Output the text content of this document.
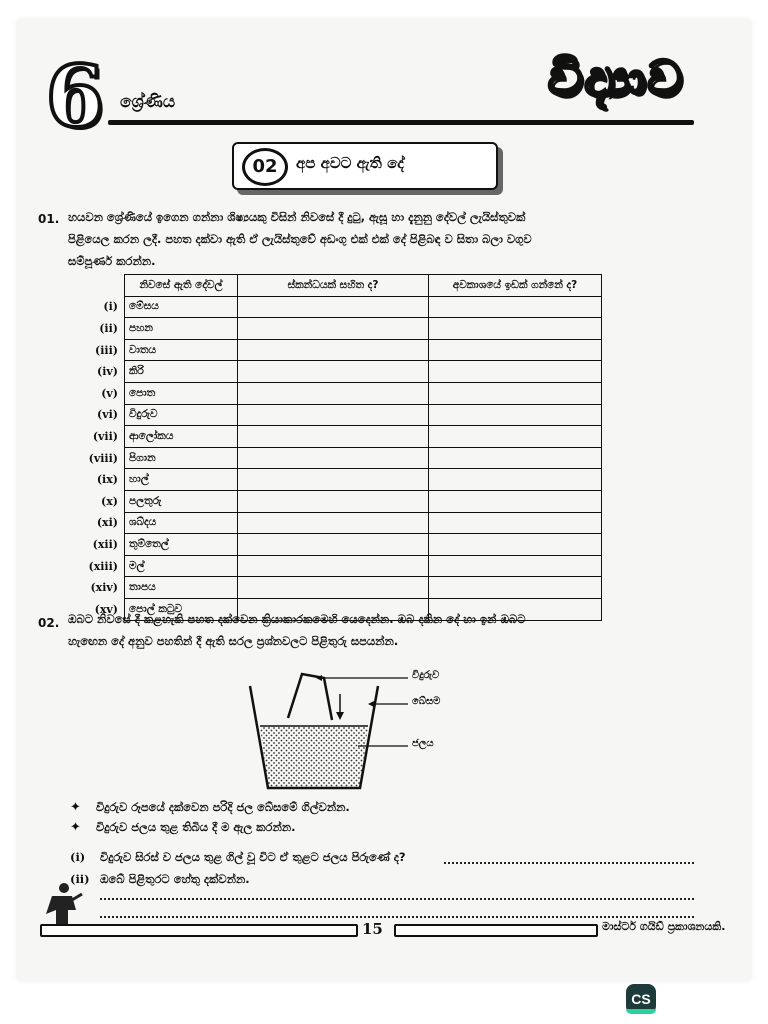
6 ශ්‍රේණිය	විද්‍යාව
02	අප අවට ඇති දේ
01. හයවන ශ්‍රේණියේ ඉගෙන ගන්නා ශිෂ්‍යයකු විසින් නිවසේ දී දුටු, ඇසූ හා දැනුනු දේවල් ලැයිස්තුවක්
පිළියෙල කරන ලදී. පහත දක්වා ඇති ඒ ලැයිස්තුවේ අඩංගු එක් එක් දේ පිළිබඳ ව සිතා බලා වගුව
සම්පූර්ණ කරන්න.
	නිවසේ ඇති දේවල්	ස්කන්ධයක් සහිත ද?	අවකාශයේ ඉඩක් ගන්නේ ද?
(i)	මේසය		
(ii)	පහන		
(iii)	වාතය		
(iv)	කිරි		
(v)	පොත		
(vi)	විදුරුව		
(vii)	ආලෝකය		
(viii)	පිගාන		
(ix)	හාල්		
(x)	පලතුරු		
(xi)	ශබ්දය		
(xii)	තුම්තෙල්		
(xiii)	මල්		
(xiv)	තාපය		
(xv)	පොල් කටුව		
02. ඔබට නිවසේ දී කළහැකි පහත දක්වෙන ක්‍රියාකාරකමෙහි යෙදෙන්න. ඔබ දකින දේ හා ඉන් ඔබට
හැඟෙන දේ අනුව පහතින් දී ඇති සරල ප්‍රශ්නවලට පිළිතුරු සපයන්න.
විදුරුව
බේසම
ජලය
✦ විදුරුව රූපයේ දක්වෙන පරිදි ජල බේසමේ ගිල්වන්න.
✦ විදුරුව ජලය තුළ තිබිය දී ම ඇල කරන්න.
(i) විදුරුව සිරස් ව ජලය තුළ ගිල් වූ විට ඒ තුළට ජලය පිරුණේ ද?
(ii) ඔබේ පිළිතුරට හේතු දක්වන්න.
15	මාස්ටර් ගයිඩ් ප්‍රකාශනයකි.
CS
